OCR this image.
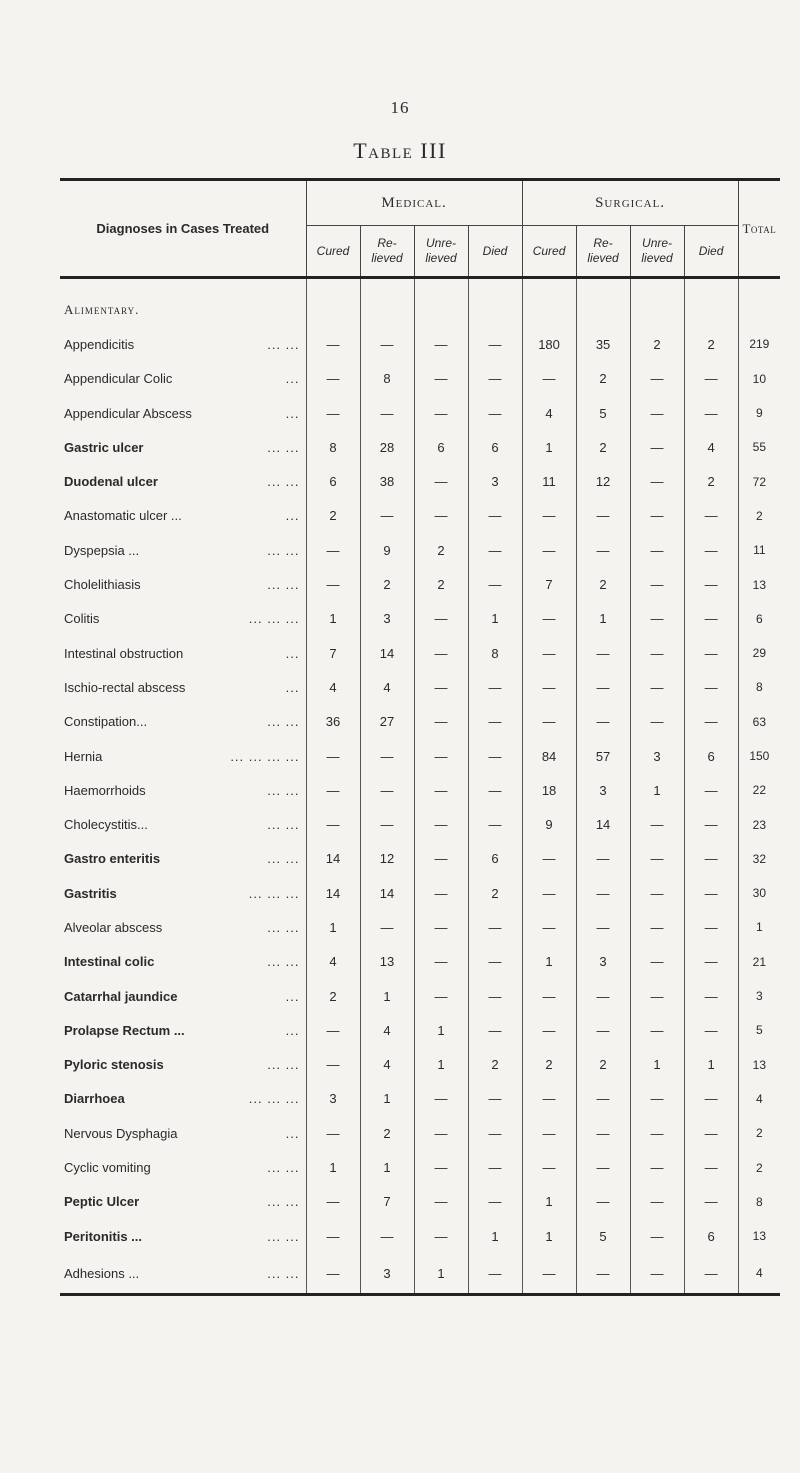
16
Table III
Diagnoses in Cases Treated	Medical.				Surgical.				Total
	Cured	Re- lieved	Unre- lieved	Died	Cured	Re- lieved	Unre- lieved	Died	
Alimentary.									

... ...
Appendicitis	—	—	—	—	180	35	2	2	219

...
Appendicular Colic	—	8	—	—	—	2	—	—	10

...
Appendicular Abscess	—	—	—	—	4	5	—	—	9

... ...
Gastric ulcer	8	28	6	6	1	2	—	4	55

... ...
Duodenal ulcer	6	38	—	3	11	12	—	2	72

...
Anastomatic ulcer ...	2	—	—	—	—	—	—	—	2

... ...
Dyspepsia ...	—	9	2	—	—	—	—	—	11

... ...
Cholelithiasis	—	2	2	—	7	2	—	—	13

... ... ...
Colitis	1	3	—	1	—	1	—	—	6

...
Intestinal obstruction	7	14	—	8	—	—	—	—	29

...
Ischio-rectal abscess	4	4	—	—	—	—	—	—	8

... ...
Constipation...	36	27	—	—	—	—	—	—	63

... ... ... ...
Hernia	—	—	—	—	84	57	3	6	150

... ...
Haemorrhoids	—	—	—	—	18	3	1	—	22

... ...
Cholecystitis...	—	—	—	—	9	14	—	—	23

... ...
Gastro enteritis	14	12	—	6	—	—	—	—	32

... ... ...
Gastritis	14	14	—	2	—	—	—	—	30

... ...
Alveolar abscess	1	—	—	—	—	—	—	—	1

... ...
Intestinal colic	4	13	—	—	1	3	—	—	21

...
Catarrhal jaundice	2	1	—	—	—	—	—	—	3

...
Prolapse Rectum ...	—	4	1	—	—	—	—	—	5

... ...
Pyloric stenosis	—	4	1	2	2	2	1	1	13

... ... ...
Diarrhoea	3	1	—	—	—	—	—	—	4

...
Nervous Dysphagia	—	2	—	—	—	—	—	—	2

... ...
Cyclic vomiting	1	1	—	—	—	—	—	—	2

... ...
Peptic Ulcer	—	7	—	—	1	—	—	—	8

... ...
Peritonitis ...	—	—	—	1	1	5	—	6	13

... ...
Adhesions ...	—	3	1	—	—	—	—	—	4
